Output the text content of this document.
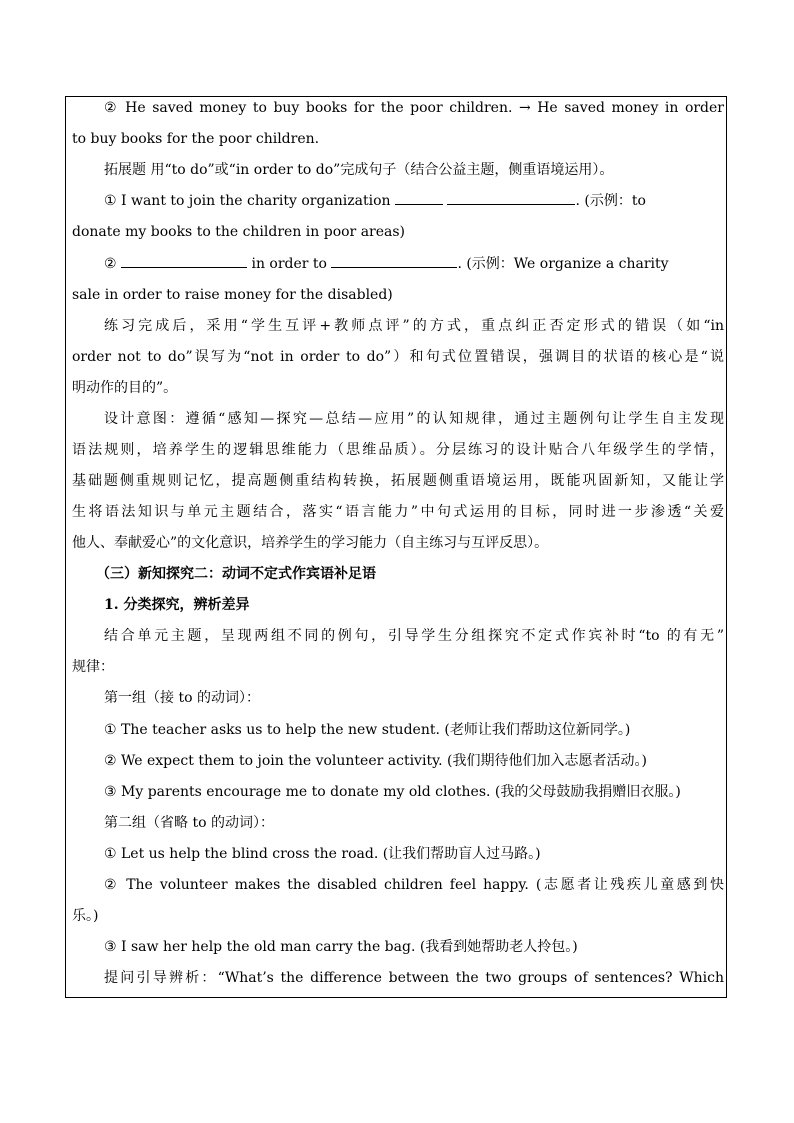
② He saved money to buy books for the poor children. → He saved money in order
to buy books for the poor children.
拓展题 用“to do”或“in order to do”完成句子（结合公益主题，侧重语境运用）。
① I want to join the charity organization	. (示例：to
donate my books to the children in poor areas)
②	in order to	. (示例：We organize a charity
sale in order to raise money for the disabled)
练习完成后，采用“学生互评+教师点评”的方式，重点纠正否定形式的错误（如“in
order not to do”误写为“not in order to do”）和句式位置错误，强调目的状语的核心是“说
明动作的目的”。
设计意图：遵循“感知—探究—总结—应用”的认知规律，通过主题例句让学生自主发现
语法规则，培养学生的逻辑思维能力（思维品质）。分层练习的设计贴合八年级学生的学情，
基础题侧重规则记忆，提高题侧重结构转换，拓展题侧重语境运用，既能巩固新知，又能让学
生将语法知识与单元主题结合，落实“语言能力”中句式运用的目标，同时进一步渗透“关爱
他人、奉献爱心”的文化意识，培养学生的学习能力（自主练习与互评反思）。
（三）新知探究二：动词不定式作宾语补足语
1. 分类探究，辨析差异
结合单元主题，呈现两组不同的例句，引导学生分组探究不定式作宾补时“to 的有无”
规律：
第一组（接 to 的动词）：
① The teacher asks us to help the new student. (老师让我们帮助这位新同学。)
② We expect them to join the volunteer activity. (我们期待他们加入志愿者活动。)
③ My parents encourage me to donate my old clothes. (我的父母鼓励我捐赠旧衣服。)
第二组（省略 to 的动词）：
① Let us help the blind cross the road. (让我们帮助盲人过马路。)
② The volunteer makes the disabled children feel happy. (志愿者让残疾儿童感到快
乐。)
③ I saw her help the old man carry the bag. (我看到她帮助老人拎包。)
提问引导辨析：“What’s the difference between the two groups of sentences? Which
